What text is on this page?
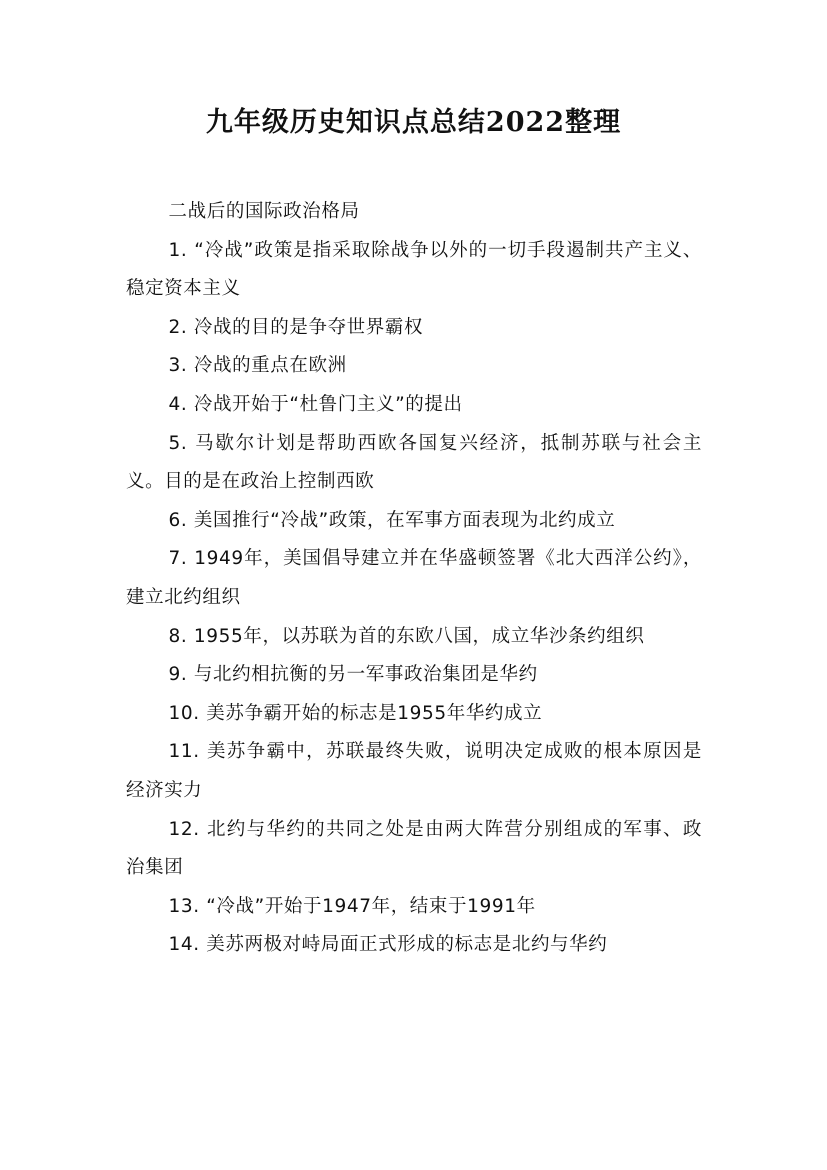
九年级历史知识点总结2022整理

二战后的国际政治格局

1. “冷战”政策是指采取除战争以外的一切手段遏制共产主义、稳定资本主义

2. 冷战的目的是争夺世界霸权

3. 冷战的重点在欧洲

4. 冷战开始于“杜鲁门主义”的提出

5. 马歇尔计划是帮助西欧各国复兴经济，抵制苏联与社会主义。目的是在政治上控制西欧

6. 美国推行“冷战”政策，在军事方面表现为北约成立

7. 1949年，美国倡导建立并在华盛顿签署《北大西洋公约》，建立北约组织

8. 1955年，以苏联为首的东欧八国，成立华沙条约组织

9. 与北约相抗衡的另一军事政治集团是华约

10. 美苏争霸开始的标志是1955年华约成立

11. 美苏争霸中，苏联最终失败，说明决定成败的根本原因是经济实力

12. 北约与华约的共同之处是由两大阵营分别组成的军事、政治集团

13. “冷战”开始于1947年，结束于1991年

14. 美苏两极对峙局面正式形成的标志是北约与华约
